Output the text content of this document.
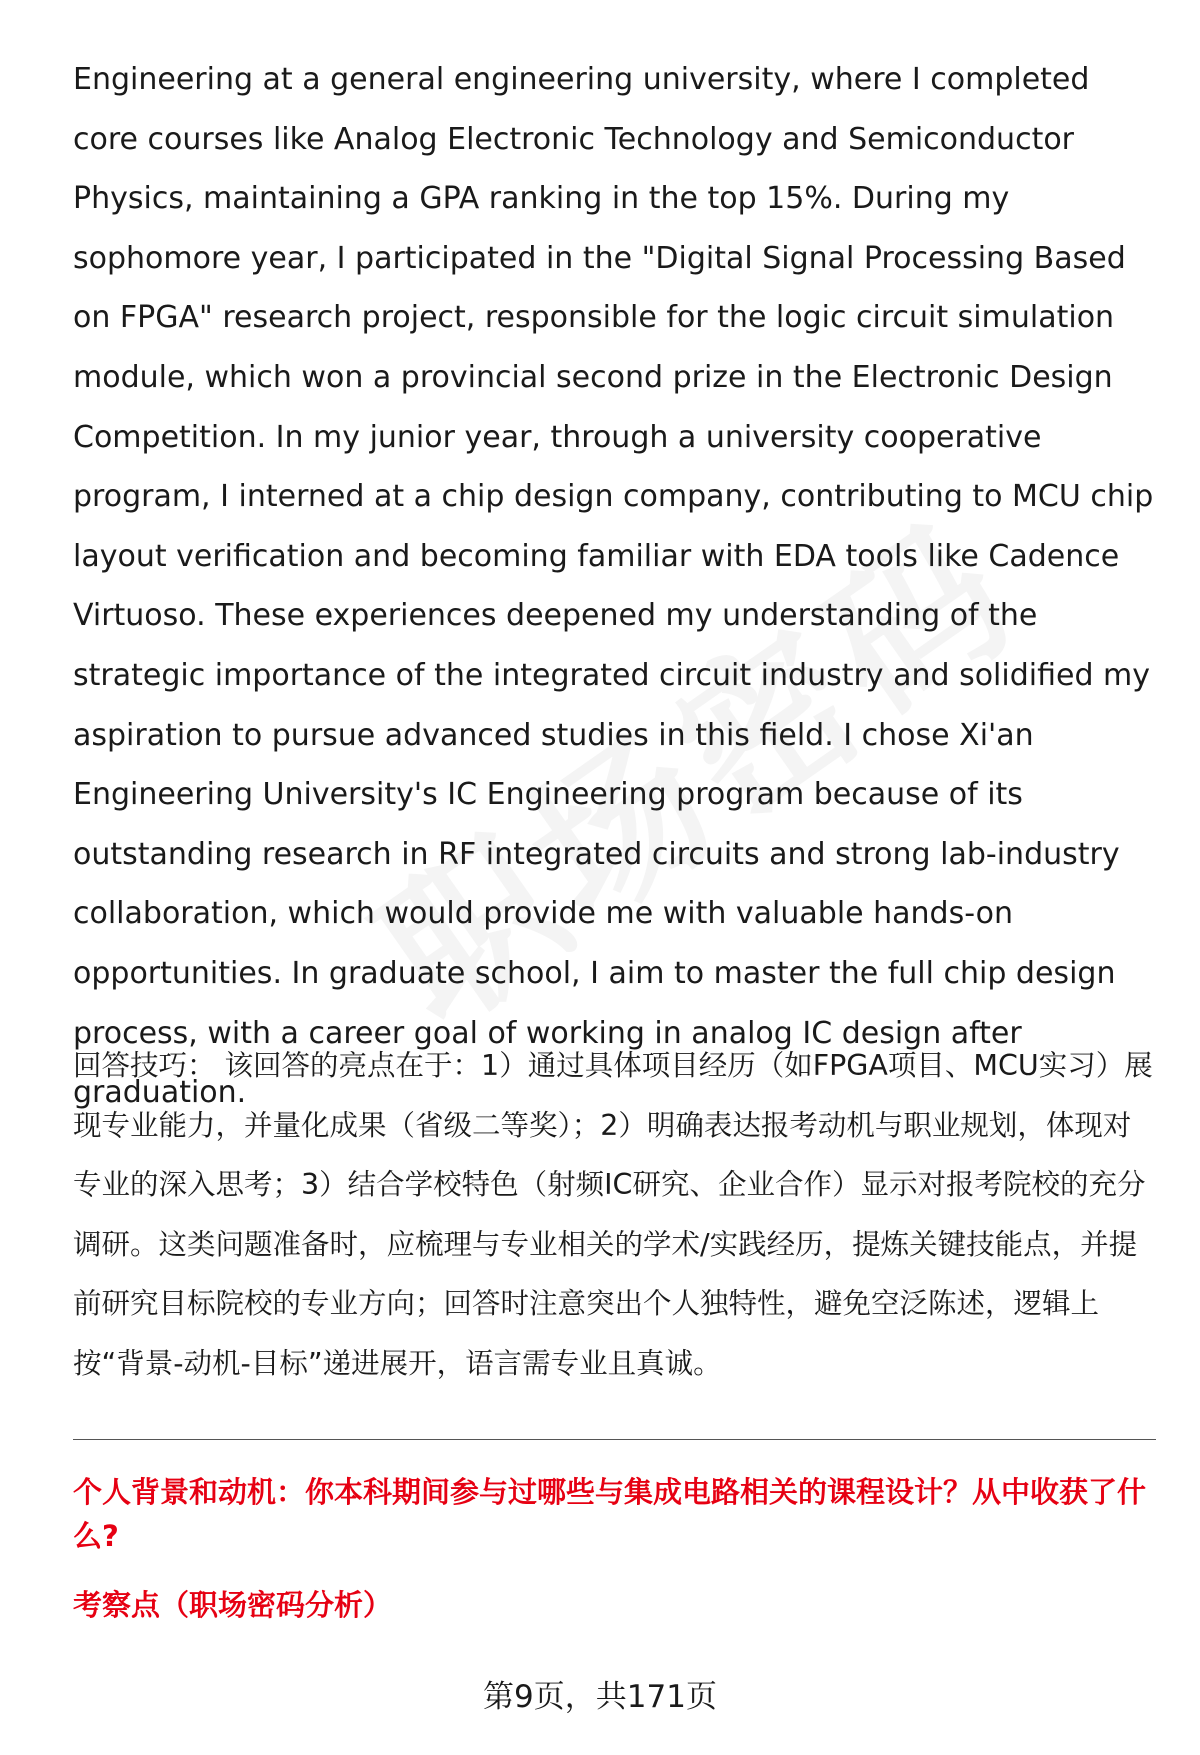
Engineering at a general engineering university, where I completed core courses like Analog Electronic Technology and Semiconductor Physics, maintaining a GPA ranking in the top 15%. During my sophomore year, I participated in the "Digital Signal Processing Based on FPGA" research project, responsible for the logic circuit simulation module, which won a provincial second prize in the Electronic Design Competition. In my junior year, through a university cooperative program, I interned at a chip design company, contributing to MCU chip layout verification and becoming familiar with EDA tools like Cadence Virtuoso. These experiences deepened my understanding of the strategic importance of the integrated circuit industry and solidified my aspiration to pursue advanced studies in this field. I chose Xi'an Engineering University's IC Engineering program because of its outstanding research in RF integrated circuits and strong lab-industry collaboration, which would provide me with valuable hands-on opportunities. In graduate school, I aim to master the full chip design process, with a career goal of working in analog IC design after graduation.

回答技巧： 该回答的亮点在于：1）通过具体项目经历（如FPGA项目、MCU实习）展现专业能力，并量化成果（省级二等奖）；2）明确表达报考动机与职业规划，体现对专业的深入思考；3）结合学校特色（射频IC研究、企业合作）显示对报考院校的充分调研。这类问题准备时，应梳理与专业相关的学术/实践经历，提炼关键技能点，并提前研究目标院校的专业方向；回答时注意突出个人独特性，避免空泛陈述，逻辑上按“背景-动机-目标”递进展开，语言需专业且真诚。

个人背景和动机：你本科期间参与过哪些与集成电路相关的课程设计？从中收获了什么?
考察点（职场密码分析）
第9页，共171页
